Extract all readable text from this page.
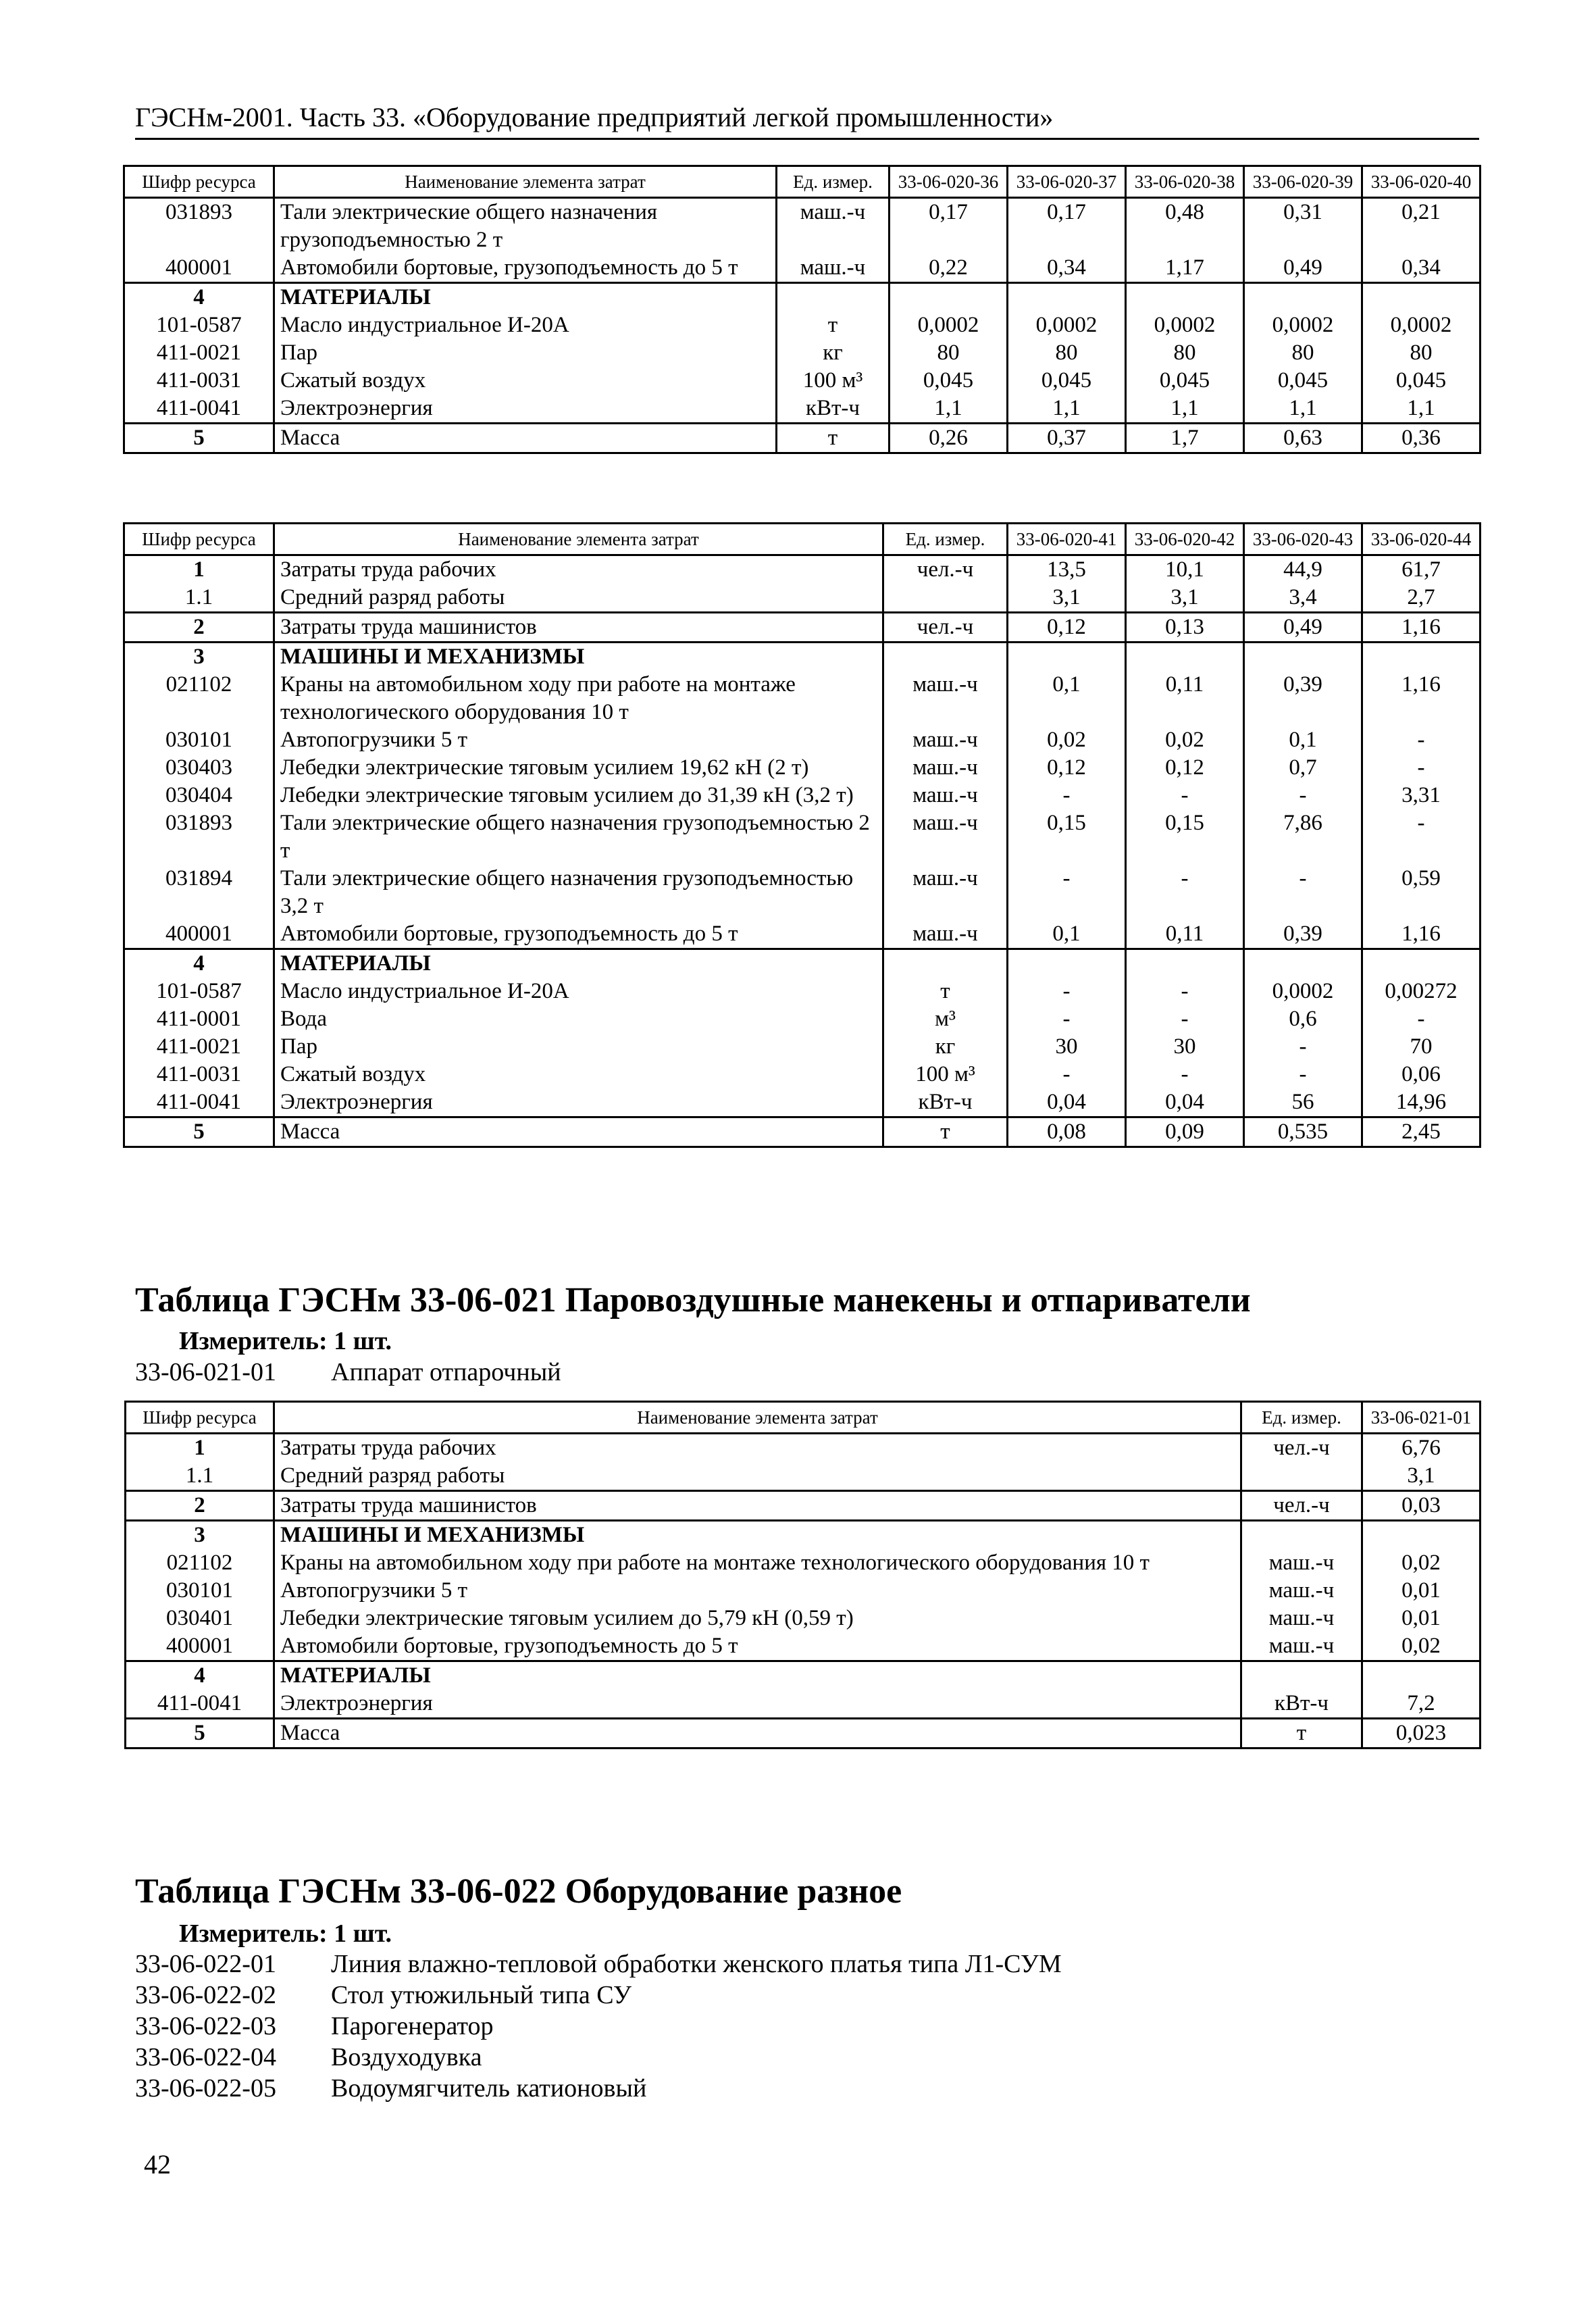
ГЭСНм-2001. Часть 33. «Оборудование предприятий легкой промышленности»
Шифр ресурса	Наименование элемента затрат	Ед. измер.	33-06-020-36	33-06-020-37	33-06-020-38	33-06-020-39	33-06-020-40
031893	Тали электрические общего назначения грузоподъемностью 2 т	маш.-ч	0,17	0,17	0,48	0,31	0,21
400001	Автомобили бортовые, грузоподъемность до 5 т	маш.-ч	0,22	0,34	1,17	0,49	0,34
4	МАТЕРИАЛЫ						
101-0587	Масло индустриальное И-20А	т	0,0002	0,0002	0,0002	0,0002	0,0002
411-0021	Пар	кг	80	80	80	80	80
411-0031	Сжатый воздух	100 м³	0,045	0,045	0,045	0,045	0,045
411-0041	Электроэнергия	кВт-ч	1,1	1,1	1,1	1,1	1,1
5	Масса	т	0,26	0,37	1,7	0,63	0,36
Шифр ресурса	Наименование элемента затрат	Ед. измер.	33-06-020-41	33-06-020-42	33-06-020-43	33-06-020-44
1	Затраты труда рабочих	чел.-ч	13,5	10,1	44,9	61,7
1.1	Средний разряд работы		3,1	3,1	3,4	2,7
2	Затраты труда машинистов	чел.-ч	0,12	0,13	0,49	1,16
3	МАШИНЫ И МЕХАНИЗМЫ					
021102	Краны на автомобильном ходу при работе на монтаже технологического оборудования 10 т	маш.-ч	0,1	0,11	0,39	1,16
030101	Автопогрузчики 5 т	маш.-ч	0,02	0,02	0,1	-
030403	Лебедки электрические тяговым усилием 19,62 кН (2 т)	маш.-ч	0,12	0,12	0,7	-
030404	Лебедки электрические тяговым усилием до 31,39 кН (3,2 т)	маш.-ч	-	-	-	3,31
031893	Тали электрические общего назначения грузоподъемностью 2 т	маш.-ч	0,15	0,15	7,86	-
031894	Тали электрические общего назначения грузоподъемностью 3,2 т	маш.-ч	-	-	-	0,59
400001	Автомобили бортовые, грузоподъемность до 5 т	маш.-ч	0,1	0,11	0,39	1,16
4	МАТЕРИАЛЫ					
101-0587	Масло индустриальное И-20А	т	-	-	0,0002	0,00272
411-0001	Вода	м³	-	-	0,6	-
411-0021	Пар	кг	30	30	-	70
411-0031	Сжатый воздух	100 м³	-	-	-	0,06
411-0041	Электроэнергия	кВт-ч	0,04	0,04	56	14,96
5	Масса	т	0,08	0,09	0,535	2,45
Таблица ГЭСНм 33-06-021 Паровоздушные манекены и отпариватели
Измеритель: 1 шт.
33-06-021-01 Аппарат отпарочный
Шифр ресурса	Наименование элемента затрат	Ед. измер.	33-06-021-01
1	Затраты труда рабочих	чел.-ч	6,76
1.1	Средний разряд работы		3,1
2	Затраты труда машинистов	чел.-ч	0,03
3	МАШИНЫ И МЕХАНИЗМЫ		
021102	Краны на автомобильном ходу при работе на монтаже технологического оборудования 10 т	маш.-ч	0,02
030101	Автопогрузчики 5 т	маш.-ч	0,01
030401	Лебедки электрические тяговым усилием до 5,79 кН (0,59 т)	маш.-ч	0,01
400001	Автомобили бортовые, грузоподъемность до 5 т	маш.-ч	0,02
4	МАТЕРИАЛЫ		
411-0041	Электроэнергия	кВт-ч	7,2
5	Масса	т	0,023
Таблица ГЭСНм 33-06-022 Оборудование разное
Измеритель: 1 шт.
33-06-022-01 Линия влажно-тепловой обработки женского платья типа Л1-СУМ
33-06-022-02 Стол утюжильный типа СУ
33-06-022-03 Парогенератор
33-06-022-04 Воздуходувка
33-06-022-05 Водоумягчитель катионовый
42
